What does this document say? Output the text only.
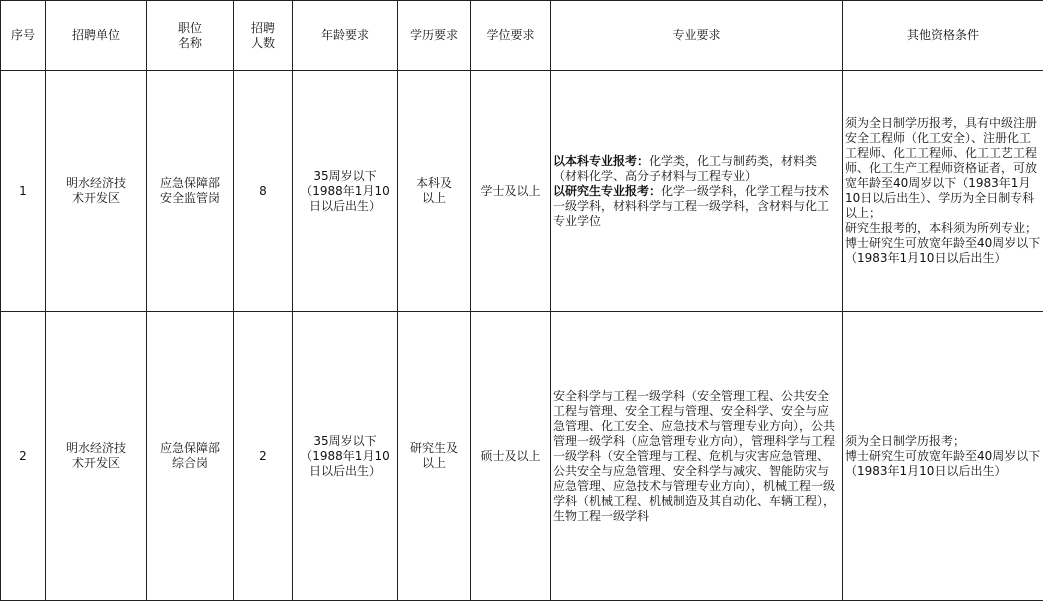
序号	招聘单位	职位
名称	招聘
人数	年龄要求	学历要求	学位要求	专业要求	其他资格条件
1	明水经济技
术开发区	应急保障部
安全监管岗	8	35周岁以下
（1988年1月10
日以后出生）	本科及
以上	学士及以上	以本科专业报考：化学类，化工与制药类，材料类（材料化学、高分子材料与工程专业）
以研究生专业报考：化学一级学科，化学工程与技术一级学科，材料科学与工程一级学科，含材料与化工专业学位	须为全日制学历报考，具有中级注册安全工程师（化工安全）、注册化工工程师、化工工程师、化工工艺工程师、化工生产工程师资格证者，可放宽年龄至40周岁以下（1983年1月10日以后出生）、学历为全日制专科以上；
研究生报考的，本科须为所列专业；
博士研究生可放宽年龄至40周岁以下（1983年1月10日以后出生）

2	明水经济技
术开发区	应急保障部
综合岗	2	35周岁以下
（1988年1月10
日以后出生）	研究生及
以上	硕士及以上	安全科学与工程一级学科（安全管理工程、公共安全工程与管理、安全工程与管理、安全科学、安全与应急管理、化工安全、应急技术与管理专业方向），公共管理一级学科（应急管理专业方向），管理科学与工程一级学科（安全管理与工程、危机与灾害应急管理、公共安全与应急管理、安全科学与减灾、智能防灾与应急管理、应急技术与管理专业方向），机械工程一级学科（机械工程、机械制造及其自动化、车辆工程），生物工程一级学科	须为全日制学历报考；
博士研究生可放宽年龄至40周岁以下（1983年1月10日以后出生）
